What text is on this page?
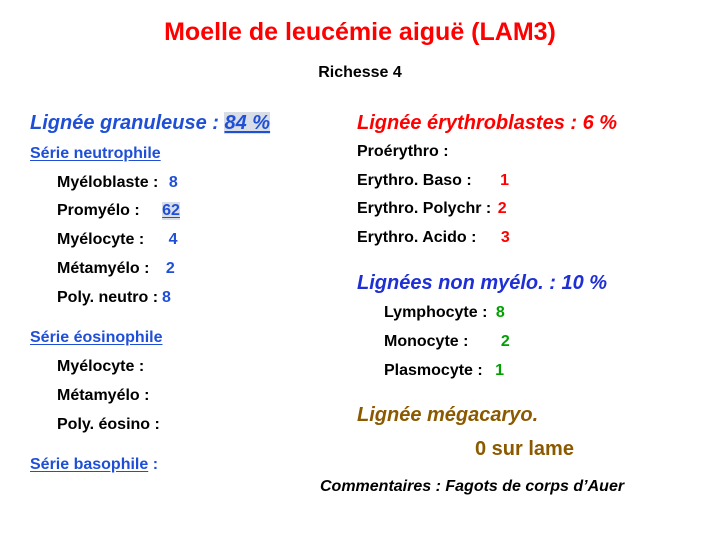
Moelle de leucémie aiguë (LAM3)
Richesse 4
Lignée granuleuse : 84 %
Série neutrophile
Myéloblaste : 8
Promyélo : 62
Myélocyte : 4
Métamyélo : 2
Poly. neutro : 8
Série éosinophile
Myélocyte :
Métamyélo :
Poly. éosino :
Série basophile :
Lignée érythroblastes : 6 %
Proérythro :
Erythro. Baso : 1
Erythro. Polychr : 2
Erythro. Acido : 3
Lignées non myélo. : 10 %
Lymphocyte : 8
Monocyte : 2
Plasmocyte : 1
Lignée mégacaryo.
0 sur lame
Commentaires : Fagots de corps d’Auer
